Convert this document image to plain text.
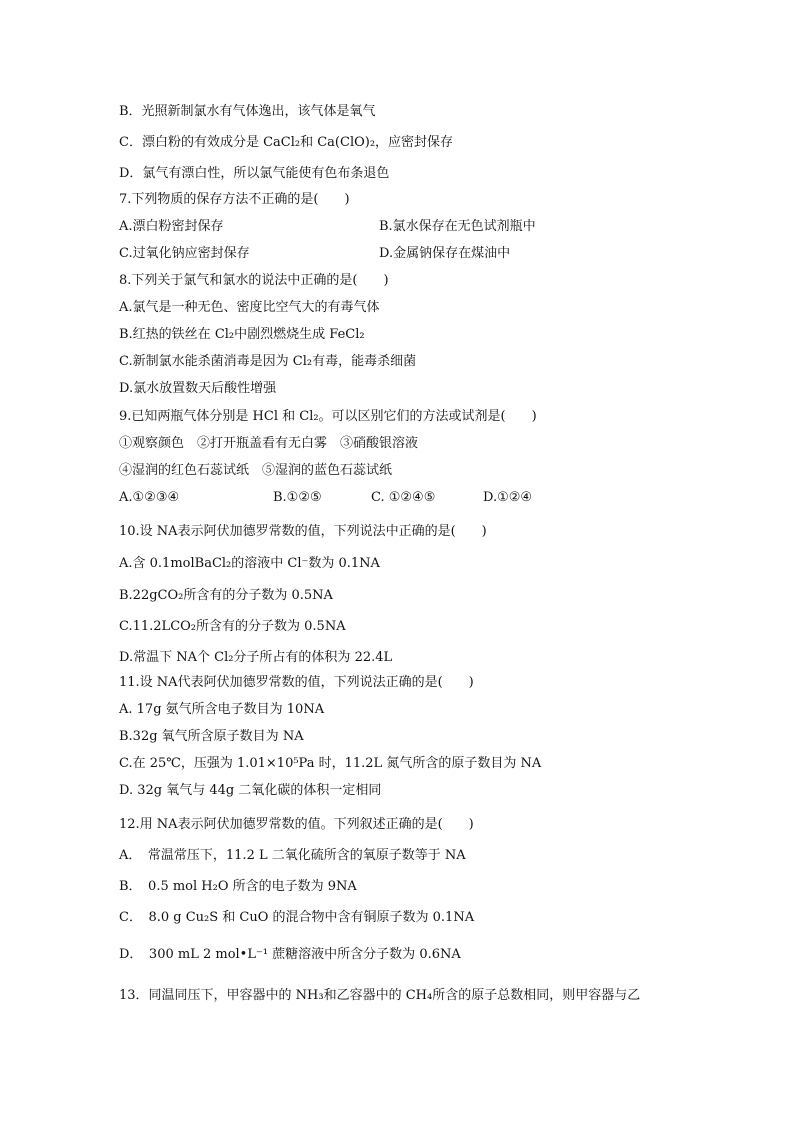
B．光照新制氯水有气体逸出，该气体是氧气
C．漂白粉的有效成分是 CaCl₂和 Ca(ClO)₂，应密封保存
D．氯气有漂白性，所以氯气能使有色布条退色
7.下列物质的保存方法不正确的是(　　)
A.漂白粉密封保存	B.氯水保存在无色试剂瓶中
C.过氧化钠应密封保存	D.金属钠保存在煤油中
8.下列关于氯气和氯水的说法中正确的是(　　)
A.氯气是一种无色、密度比空气大的有毒气体
B.红热的铁丝在 Cl₂中剧烈燃烧生成 FeCl₂
C.新制氯水能杀菌消毒是因为 Cl₂有毒，能毒杀细菌
D.氯水放置数天后酸性增强
9.已知两瓶气体分别是 HCl 和 Cl₂。可以区别它们的方法或试剂是(　　)
①观察颜色　②打开瓶盖看有无白雾　③硝酸银溶液
④湿润的红色石蕊试纸　⑤湿润的蓝色石蕊试纸
A.①②③④	B.①②⑤	C. ①②④⑤	D.①②④
10.设 NA表示阿伏加德罗常数的值，下列说法中正确的是(　　)
A.含 0.1molBaCl₂的溶液中 Cl⁻数为 0.1NA
B.22gCO₂所含有的分子数为 0.5NA
C.11.2LCO₂所含有的分子数为 0.5NA
D.常温下 NA个 Cl₂分子所占有的体积为 22.4L
11.设 NA代表阿伏加德罗常数的值，下列说法正确的是(　　)
A. 17g 氨气所含电子数目为 10NA
B.32g 氧气所含原子数目为 NA
C.在 25℃，压强为 1.01×10⁵Pa 时，11.2L 氮气所含的原子数目为 NA
D. 32g 氧气与 44g 二氧化碳的体积一定相同
12.用 NA表示阿伏加德罗常数的值。下列叙述正确的是(　　)
A．　常温常压下，11.2 L 二氧化硫所含的氧原子数等于 NA
B．　0.5 mol H₂O 所含的电子数为 9NA
C．　8.0 g Cu₂S 和 CuO 的混合物中含有铜原子数为 0.1NA
D．　300 mL 2 mol•L⁻¹ 蔗糖溶液中所含分子数为 0.6NA
13．同温同压下，甲容器中的 NH₃和乙容器中的 CH₄所含的原子总数相同，则甲容器与乙
